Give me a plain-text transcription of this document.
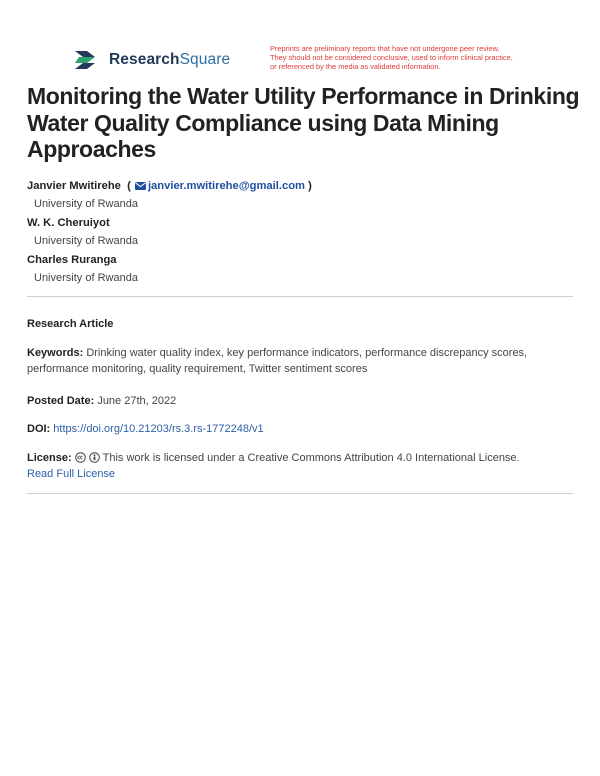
ResearchSquare
Preprints are preliminary reports that have not undergone peer review.
They should not be considered conclusive, used to inform clinical practice,
or referenced by the media as validated information.
Monitoring the Water Utility Performance in Drinking Water Quality Compliance using Data Mining Approaches
Janvier Mwitirehe  ( janvier.mwitirehe@gmail.com )
University of Rwanda
W. K. Cheruiyot
University of Rwanda
Charles Ruranga
University of Rwanda
Research Article
Keywords: Drinking water quality index, key performance indicators, performance discrepancy scores, performance monitoring, quality requirement, Twitter sentiment scores
Posted Date: June 27th, 2022
DOI: https://doi.org/10.21203/rs.3.rs-1772248/v1
License:	This work is licensed under a Creative Commons Attribution 4.0 International License.
Read Full License
